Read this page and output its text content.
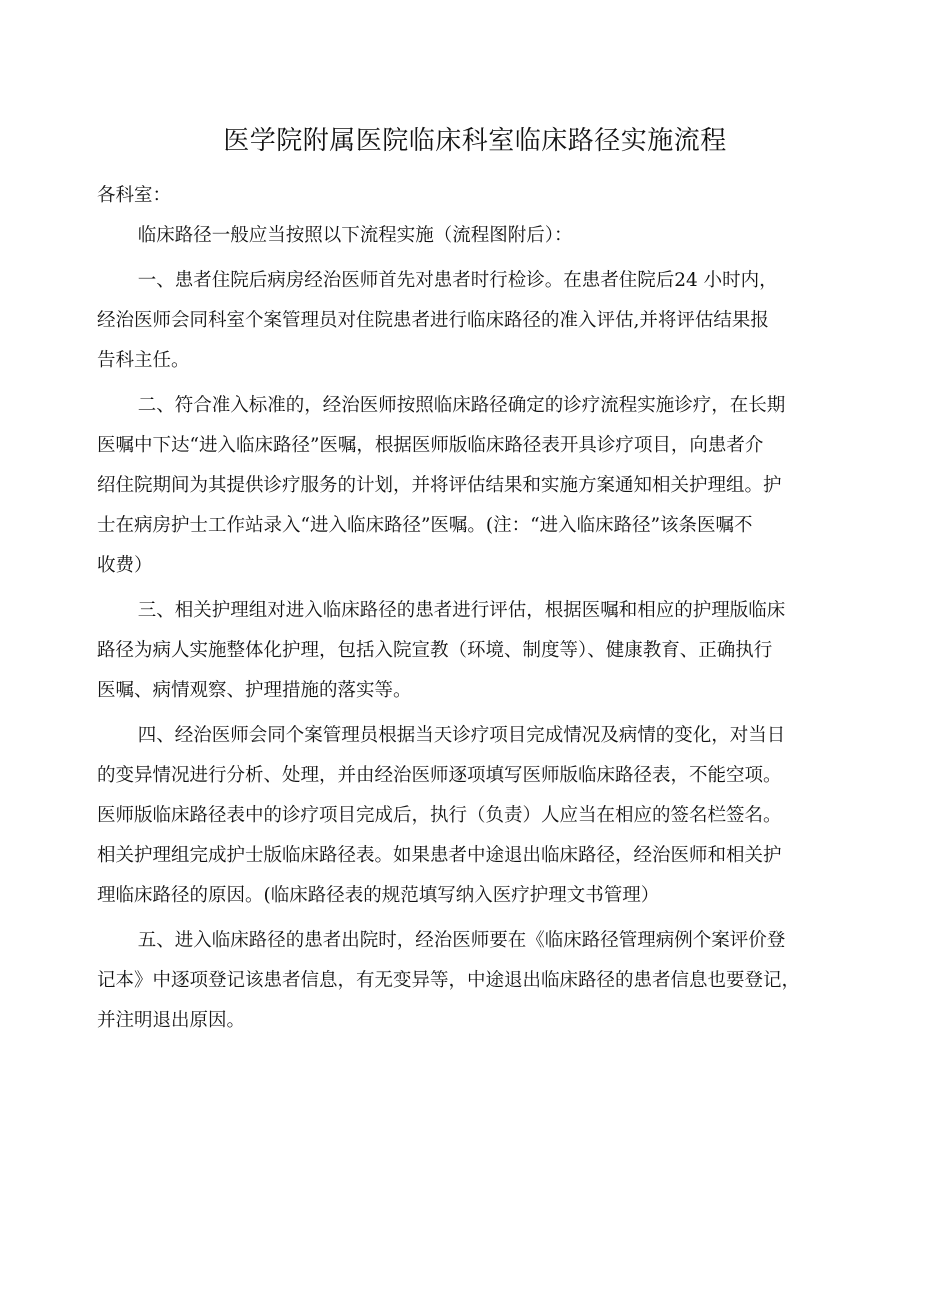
医学院附属医院临床科室临床路径实施流程

各科室：

临床路径一般应当按照以下流程实施（流程图附后）：

一、患者住院后病房经治医师首先对患者时行检诊。在患者住院后24 小时内，
经治医师会同科室个案管理员对住院患者进行临床路径的准入评估,并将评估结果报
告科主任。

二、符合准入标准的，经治医师按照临床路径确定的诊疗流程实施诊疗，在长期
医嘱中下达“进入临床路径”医嘱，根据医师版临床路径表开具诊疗项目，向患者介
绍住院期间为其提供诊疗服务的计划，并将评估结果和实施方案通知相关护理组。护
士在病房护士工作站录入“进入临床路径”医嘱。(注：“进入临床路径”该条医嘱不
收费）

三、相关护理组对进入临床路径的患者进行评估，根据医嘱和相应的护理版临床
路径为病人实施整体化护理，包括入院宣教（环境、制度等）、健康教育、正确执行
医嘱、病情观察、护理措施的落实等。

四、经治医师会同个案管理员根据当天诊疗项目完成情况及病情的变化，对当日
的变异情况进行分析、处理，并由经治医师逐项填写医师版临床路径表，不能空项。
医师版临床路径表中的诊疗项目完成后，执行（负责）人应当在相应的签名栏签名。
相关护理组完成护士版临床路径表。如果患者中途退出临床路径，经治医师和相关护
理临床路径的原因。(临床路径表的规范填写纳入医疗护理文书管理）

五、进入临床路径的患者出院时，经治医师要在《临床路径管理病例个案评价登
记本》中逐项登记该患者信息，有无变异等，中途退出临床路径的患者信息也要登记，
并注明退出原因。
